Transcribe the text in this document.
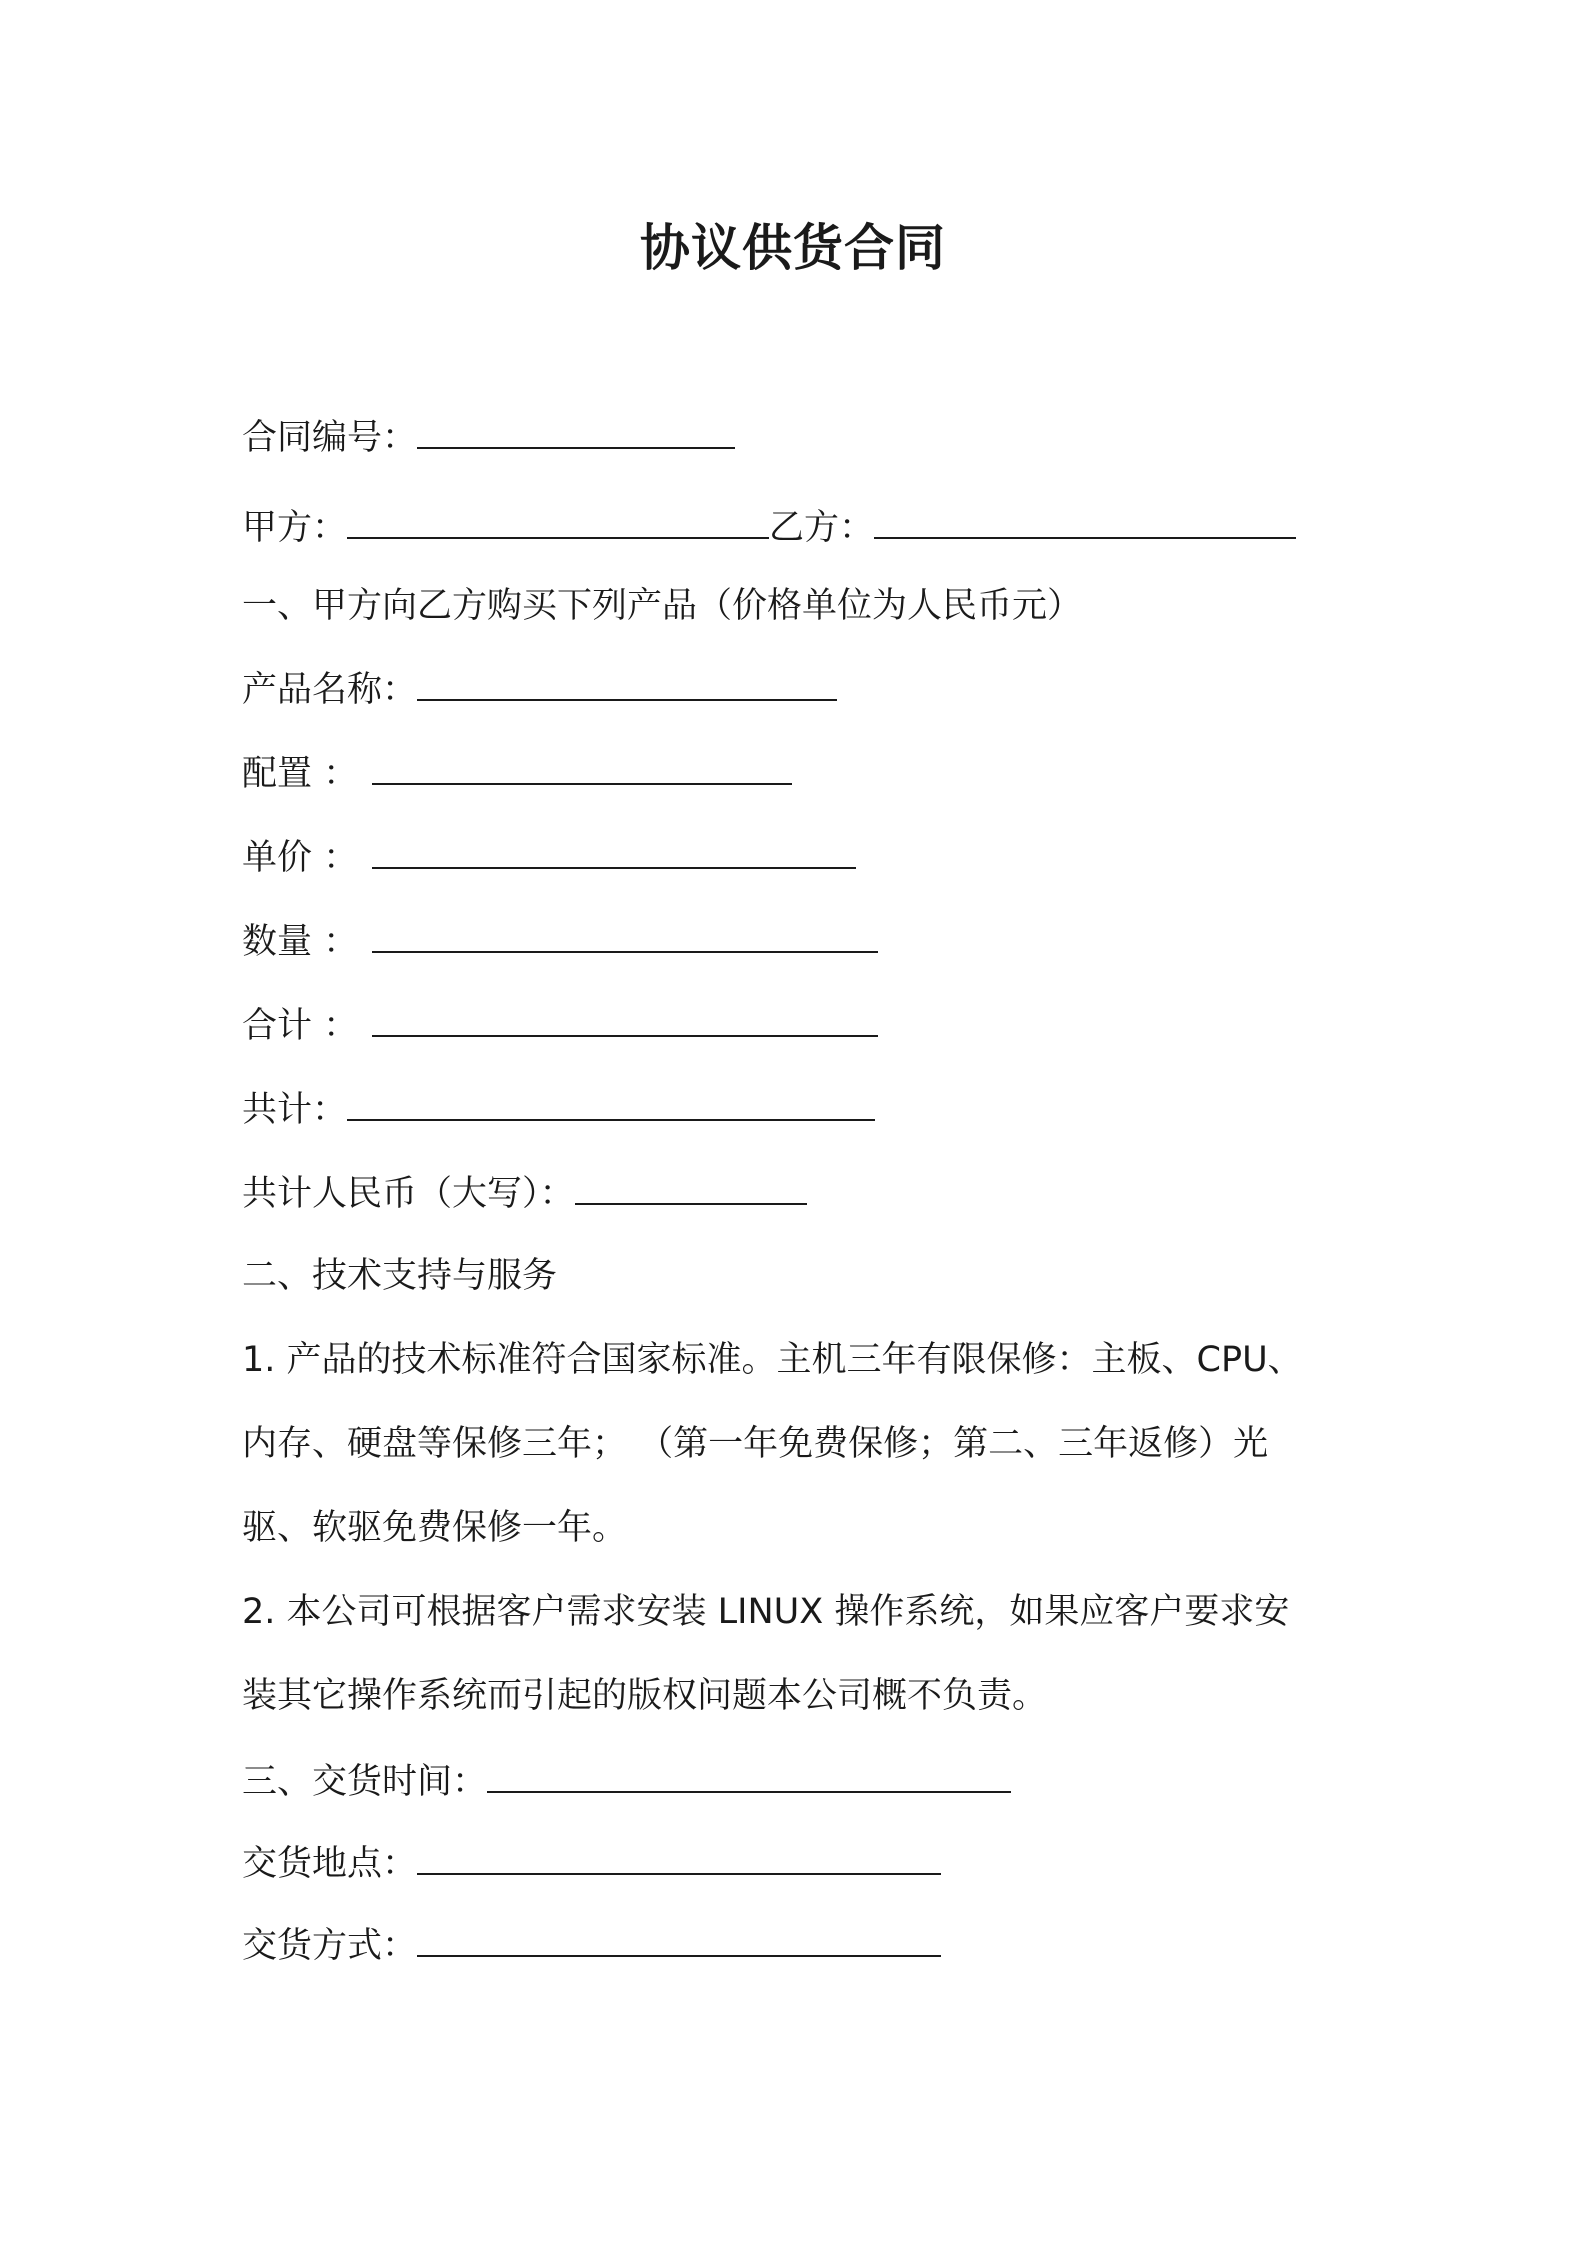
协议供货合同
合同编号：
甲方：	乙方：
一、甲方向乙方购买下列产品（价格单位为人民币元）
产品名称：
配置 ：
单价 ：
数量 ：
合计 ：
共计：
共计人民币（大写）：
二、技术支持与服务
1. 产品的技术标准符合国家标准。主机三年有限保修：主板、CPU、
内存、硬盘等保修三年； （第一年免费保修；第二、三年返修）光
驱、软驱免费保修一年。
2. 本公司可根据客户需求安装 LINUX 操作系统，如果应客户要求安
装其它操作系统而引起的版权问题本公司概不负责。
三、交货时间：
交货地点：
交货方式：
